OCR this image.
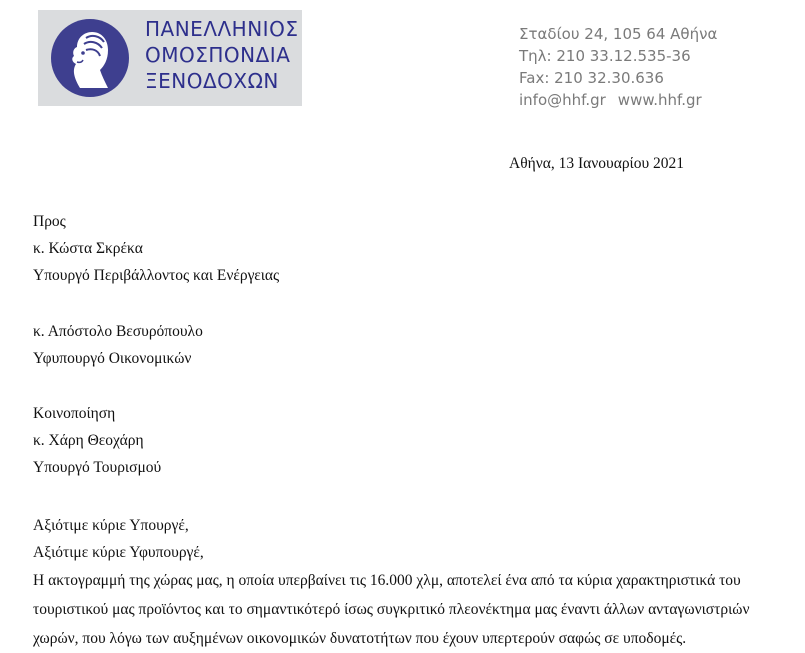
ΠΑΝΕΛΛΗΝΙΟΣ
ΟΜΟΣΠΟΝΔΙΑ
ΞΕΝΟΔΟΧΩΝ
Σταδίου 24, 105 64 Αθήνα
Τηλ: 210 33.12.535-36
Fax: 210 32.30.636
info@hhf.gr www.hhf.gr
Αθήνα, 13 Ιανουαρίου 2021
Προς
κ. Κώστα Σκρέκα
Υπουργό Περιβάλλοντος και Ενέργειας
κ. Απόστολο Βεσυρόπουλο
Υφυπουργό Οικονομικών
Κοινοποίηση
κ. Χάρη Θεοχάρη
Υπουργό Τουρισμού
Αξιότιμε κύριε Υπουργέ,
Αξιότιμε κύριε Υφυπουργέ,
Η ακτογραμμή της χώρας μας, η οποία υπερβαίνει τις 16.000 χλμ, αποτελεί ένα από τα κύρια χαρακτηριστικά του
τουριστικού μας προϊόντος και το σημαντικότερό ίσως συγκριτικό πλεονέκτημα μας έναντι άλλων ανταγωνιστριών
χωρών, που λόγω των αυξημένων οικονομικών δυνατοτήτων που έχουν υπερτερούν σαφώς σε υποδομές.
